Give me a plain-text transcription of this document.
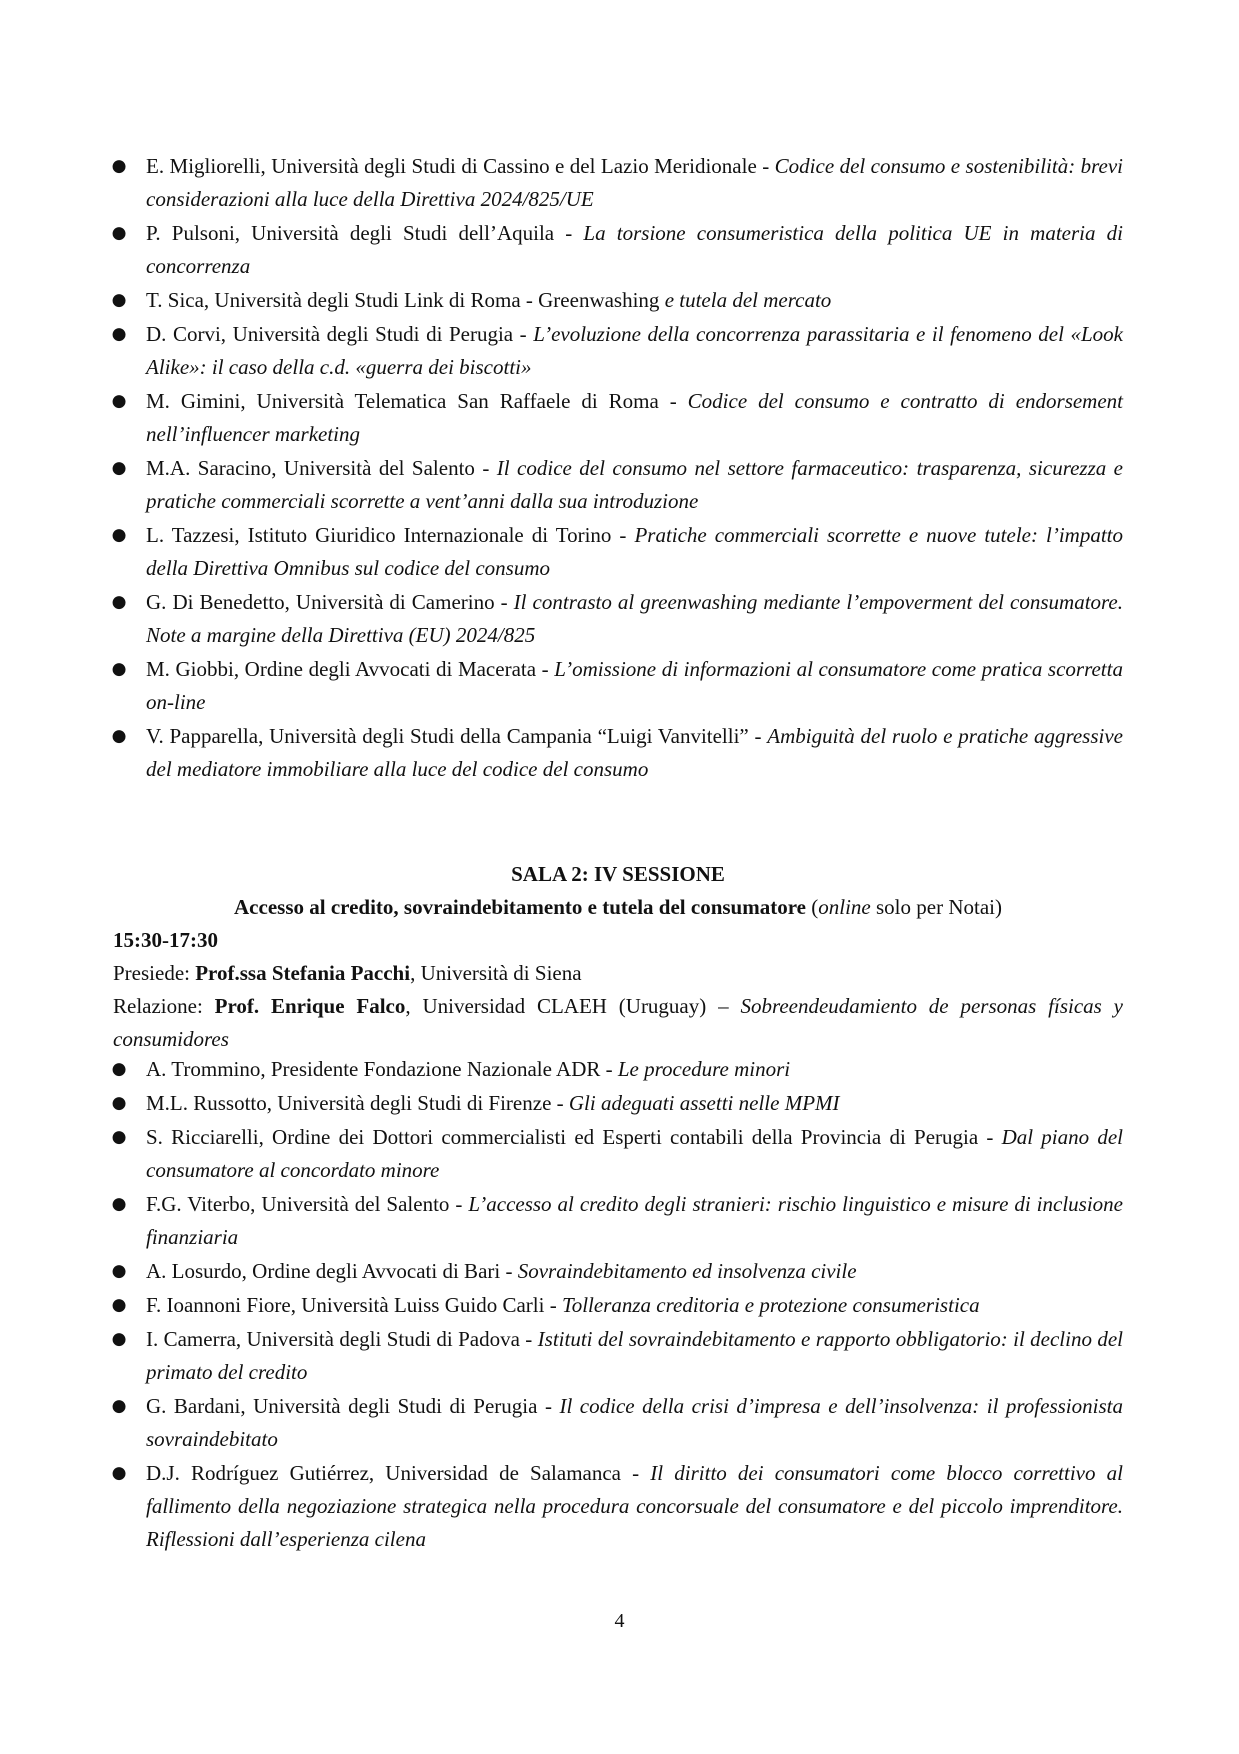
● E. Migliorelli, Università degli Studi di Cassino e del Lazio Meridionale - Codice del consumo e sostenibilità: brevi considerazioni alla luce della Direttiva 2024/825/UE
● P. Pulsoni, Università degli Studi dell’Aquila - La torsione consumeristica della politica UE in materia di concorrenza
● T. Sica, Università degli Studi Link di Roma - Greenwashing e tutela del mercato
● D. Corvi, Università degli Studi di Perugia - L’evoluzione della concorrenza parassitaria e il fenomeno del «Look Alike»: il caso della c.d. «guerra dei biscotti»
● M. Gimini, Università Telematica San Raffaele di Roma - Codice del consumo e contratto di endorsement nell’influencer marketing
● M.A. Saracino, Università del Salento - Il codice del consumo nel settore farmaceutico: trasparenza, sicurezza e pratiche commerciali scorrette a vent’anni dalla sua introduzione
● L. Tazzesi, Istituto Giuridico Internazionale di Torino - Pratiche commerciali scorrette e nuove tutele: l’impatto della Direttiva Omnibus sul codice del consumo
● G. Di Benedetto, Università di Camerino - Il contrasto al greenwashing mediante l’empoverment del consumatore. Note a margine della Direttiva (EU) 2024/825
● M. Giobbi, Ordine degli Avvocati di Macerata - L’omissione di informazioni al consumatore come pratica scorretta on-line
● V. Papparella, Università degli Studi della Campania “Luigi Vanvitelli” - Ambiguità del ruolo e pratiche aggressive del mediatore immobiliare alla luce del codice del consumo
SALA 2: IV SESSIONE
Accesso al credito, sovraindebitamento e tutela del consumatore (online solo per Notai)
15:30-17:30
Presiede: Prof.ssa Stefania Pacchi, Università di Siena
Relazione: Prof. Enrique Falco, Universidad CLAEH (Uruguay) – Sobreendeudamiento de personas físicas y consumidores
● A. Trommino, Presidente Fondazione Nazionale ADR - Le procedure minori
● M.L. Russotto, Università degli Studi di Firenze - Gli adeguati assetti nelle MPMI
● S. Ricciarelli, Ordine dei Dottori commercialisti ed Esperti contabili della Provincia di Perugia - Dal piano del consumatore al concordato minore
● F.G. Viterbo, Università del Salento - L’accesso al credito degli stranieri: rischio linguistico e misure di inclusione finanziaria
● A. Losurdo, Ordine degli Avvocati di Bari - Sovraindebitamento ed insolvenza civile
● F. Ioannoni Fiore, Università Luiss Guido Carli - Tolleranza creditoria e protezione consumeristica
● I. Camerra, Università degli Studi di Padova - Istituti del sovraindebitamento e rapporto obbligatorio: il declino del primato del credito
● G. Bardani, Università degli Studi di Perugia - Il codice della crisi d’impresa e dell’insolvenza: il professionista sovraindebitato
● D.J. Rodríguez Gutiérrez, Universidad de Salamanca - Il diritto dei consumatori come blocco correttivo al fallimento della negoziazione strategica nella procedura concorsuale del consumatore e del piccolo imprenditore. Riflessioni dall’esperienza cilena
4
